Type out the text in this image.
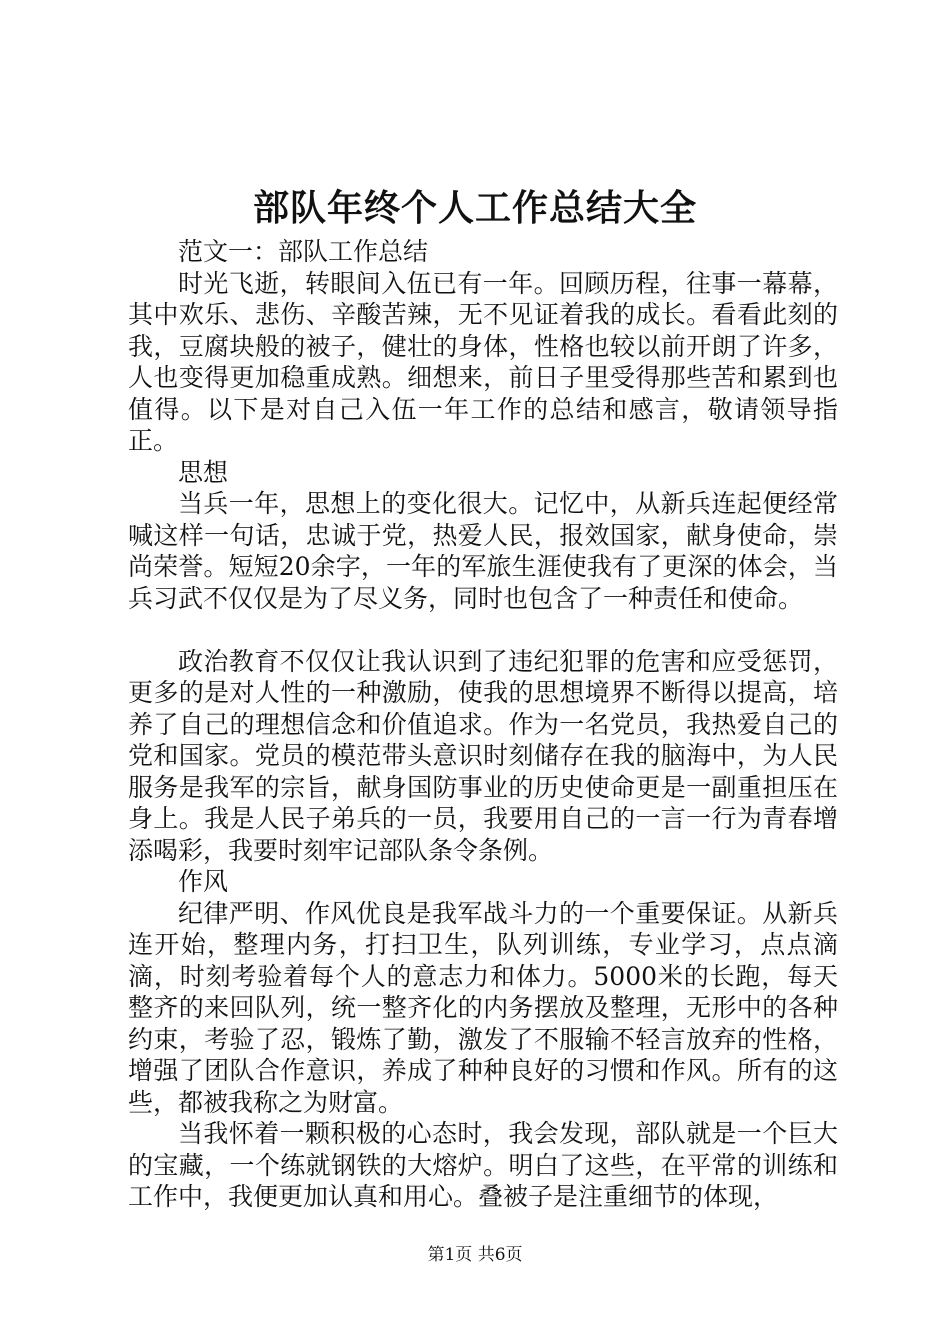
部队年终个人工作总结大全

范文一：部队工作总结

时光飞逝，转眼间入伍已有一年。回顾历程，往事一幕幕，其中欢乐、悲伤、辛酸苦辣，无不见证着我的成长。看看此刻的我，豆腐块般的被子，健壮的身体，性格也较以前开朗了许多，人也变得更加稳重成熟。细想来，前日子里受得那些苦和累到也值得。以下是对自己入伍一年工作的总结和感言，敬请领导指正。

思想

当兵一年，思想上的变化很大。记忆中，从新兵连起便经常喊这样一句话，忠诚于党，热爱人民，报效国家，献身使命，崇尚荣誉。短短20余字，一年的军旅生涯使我有了更深的体会，当兵习武不仅仅是为了尽义务，同时也包含了一种责任和使命。

政治教育不仅仅让我认识到了违纪犯罪的危害和应受惩罚，更多的是对人性的一种激励，使我的思想境界不断得以提高，培养了自己的理想信念和价值追求。作为一名党员，我热爱自己的党和国家。党员的模范带头意识时刻储存在我的脑海中，为人民服务是我军的宗旨，献身国防事业的历史使命更是一副重担压在身上。我是人民子弟兵的一员，我要用自己的一言一行为青春增添喝彩，我要时刻牢记部队条令条例。

作风

纪律严明、作风优良是我军战斗力的一个重要保证。从新兵连开始，整理内务，打扫卫生，队列训练，专业学习，点点滴滴，时刻考验着每个人的意志力和体力。5000米的长跑，每天整齐的来回队列，统一整齐化的内务摆放及整理，无形中的各种约束，考验了忍，锻炼了勤，激发了不服输不轻言放弃的性格，增强了团队合作意识，养成了种种良好的习惯和作风。所有的这些，都被我称之为财富。

当我怀着一颗积极的心态时，我会发现，部队就是一个巨大的宝藏，一个练就钢铁的大熔炉。明白了这些，在平常的训练和工作中，我便更加认真和用心。叠被子是注重细节的体现，

第1页 共6页
